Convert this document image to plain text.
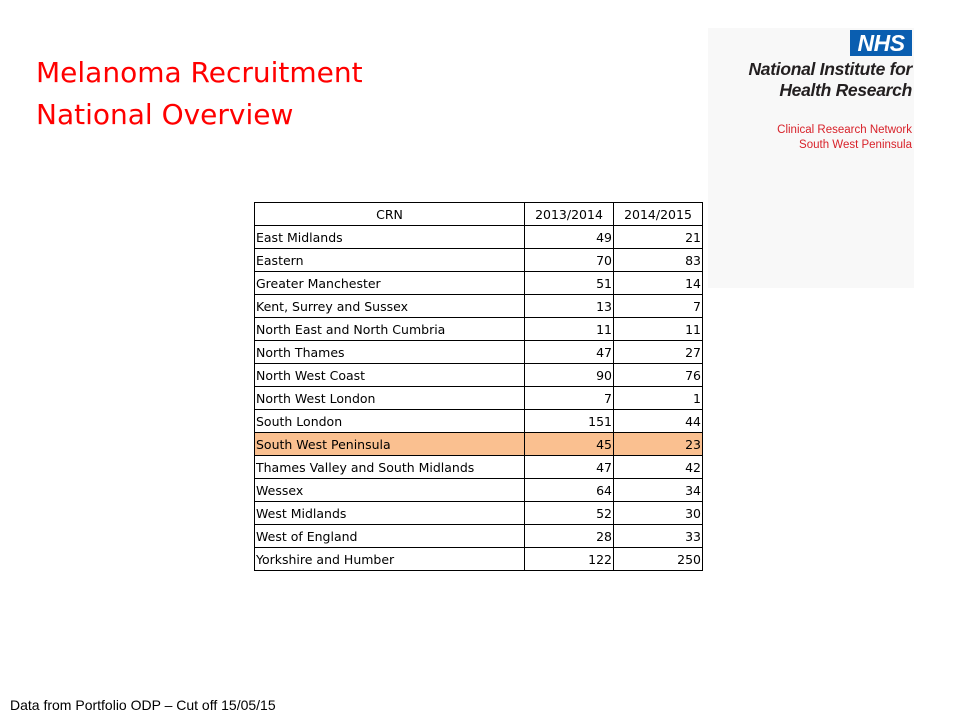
Melanoma Recruitment
National Overview
NHS
National Institute for
Health Research
Clinical Research Network
South West Peninsula
CRN	2013/2014	2014/2015
East Midlands	49	21
Eastern	70	83
Greater Manchester	51	14
Kent, Surrey and Sussex	13	7
North East and North Cumbria	11	11
North Thames	47	27
North West Coast	90	76
North West London	7	1
South London	151	44
South West Peninsula	45	23
Thames Valley and South Midlands	47	42
Wessex	64	34
West Midlands	52	30
West of England	28	33
Yorkshire and Humber	122	250
Data from Portfolio ODP – Cut off 15/05/15
